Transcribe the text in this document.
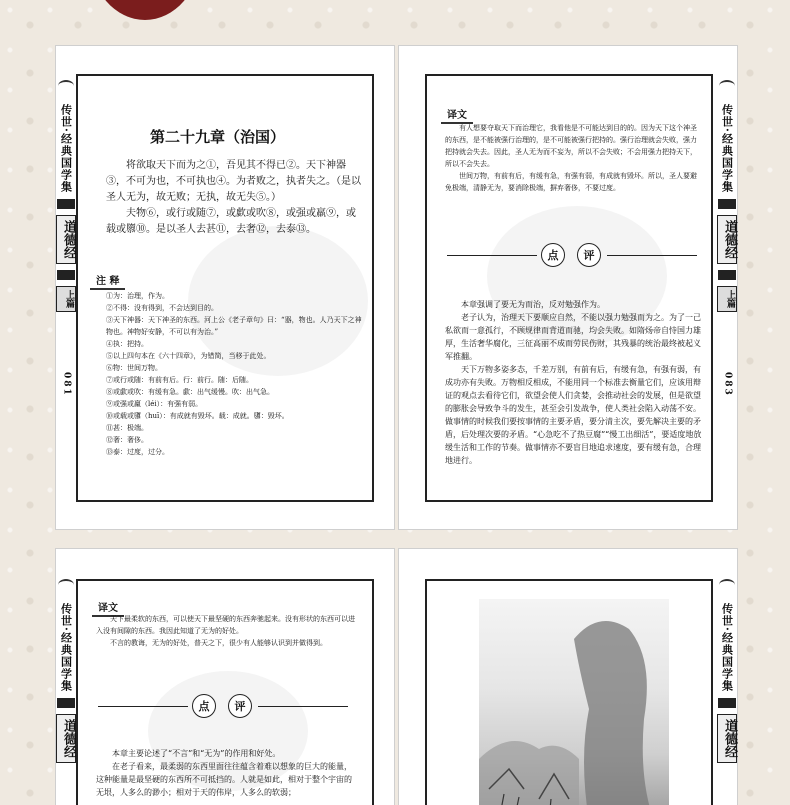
传世·经典国学集
道德经
上篇
081
第二十九章（治国）

将欲取天下而为之①，吾见其不得已②。天下神器③，不可为也，不可执也④。为者败之，执者失之。（是以圣人无为，故无败；无执，故无失⑤。）

夫物⑥，或行或随⑦，或歔或吹⑧，或强或羸⑨，或载或隳⑩。是以圣人去甚⑪，去奢⑫，去泰⑬。

注 释
①为：治理，作为。
②不得：没有得到，不会达到目的。
③天下神器：天下神圣的东西。河上公《老子章句》曰：“器，物也。人乃天下之神物也。神物好安静，不可以有为治。”
④执：把持。
⑤以上四句本在《六十四章》，为错简，当移于此处。
⑥物：世间万物。
⑦或行或随：有前有后。行：前行。随：后随。
⑧或歔或吹：有缓有急。歔：出气缓慢。吹：出气急。
⑨或强或羸（léi）：有强有弱。
⑩或载或隳（huī）：有成就有毁坏。载：成就。隳：毁坏。
⑪甚：极端。
⑫奢：奢侈。
⑬泰：过度，过分。
译文

有人想要夺取天下而治理它，我看他是不可能达到目的的。因为天下这个神圣的东西，是不能被强行治理的，是不可能被强行把持的。强行治理就会失败，强力把持就会失去。因此，圣人无为而不妄为，所以不会失败；不会用强力把持天下，所以不会失去。

世间万物，有前有后，有缓有急，有强有弱，有成就有毁坏。所以，圣人要避免极端，清静无为，要消除极端，摒弃奢侈，不要过度。

点	评

本章强调了要无为而治，反对勉强作为。

老子认为，治理天下要顺应自然，不能以强力勉强而为之。为了一己私欲而一意孤行，不顾规律而背道而驰，均会失败。如隋炀帝自恃国力雄厚，生活奢华腐化，三征高丽不成而劳民伤财，其残暴的统治最终被起义军推翻。

天下万物多姿多态，千差万别，有前有后，有缓有急，有强有弱，有成功亦有失败。万物相反相成，不能用同一个标准去衡量它们，应该用辩证的观点去看待它们，欲望会使人们贪婪，会推动社会的发展，但是欲望的膨胀会导致争斗的发生，甚至会引发战争，使人类社会陷入动荡不安。做事情的时候我们要按事情的主要矛盾，要分清主次，要先解决主要的矛盾，后处理次要的矛盾。“心急吃不了热豆腐”“慢工出细活”，要适度地放缓生活和工作的节奏。做事情亦不要盲目地追求速度，要有缓有急，合理地进行。

传世·经典国学集
道德经
上篇
083
传世·经典国学集
道德经
译文

天下最柔软的东西，可以使天下最坚硬的东西奔驰起来。没有形状的东西可以进入没有间隙的东西。我因此知道了无为的好处。

不言的教诲，无为的好处，普天之下，很少有人能够认识到并做得到。

点	评

本章主要论述了“不言”和“无为”的作用和好处。

在老子看来，最柔弱的东西里面往往蕴含着难以想象的巨大的能量，这种能量是最坚硬的东西所不可抵挡的。人就是如此，相对于整个宇宙的无垠，人多么的渺小；相对于天的伟岸，人多么的软弱；

传世·经典国学集
道德经
